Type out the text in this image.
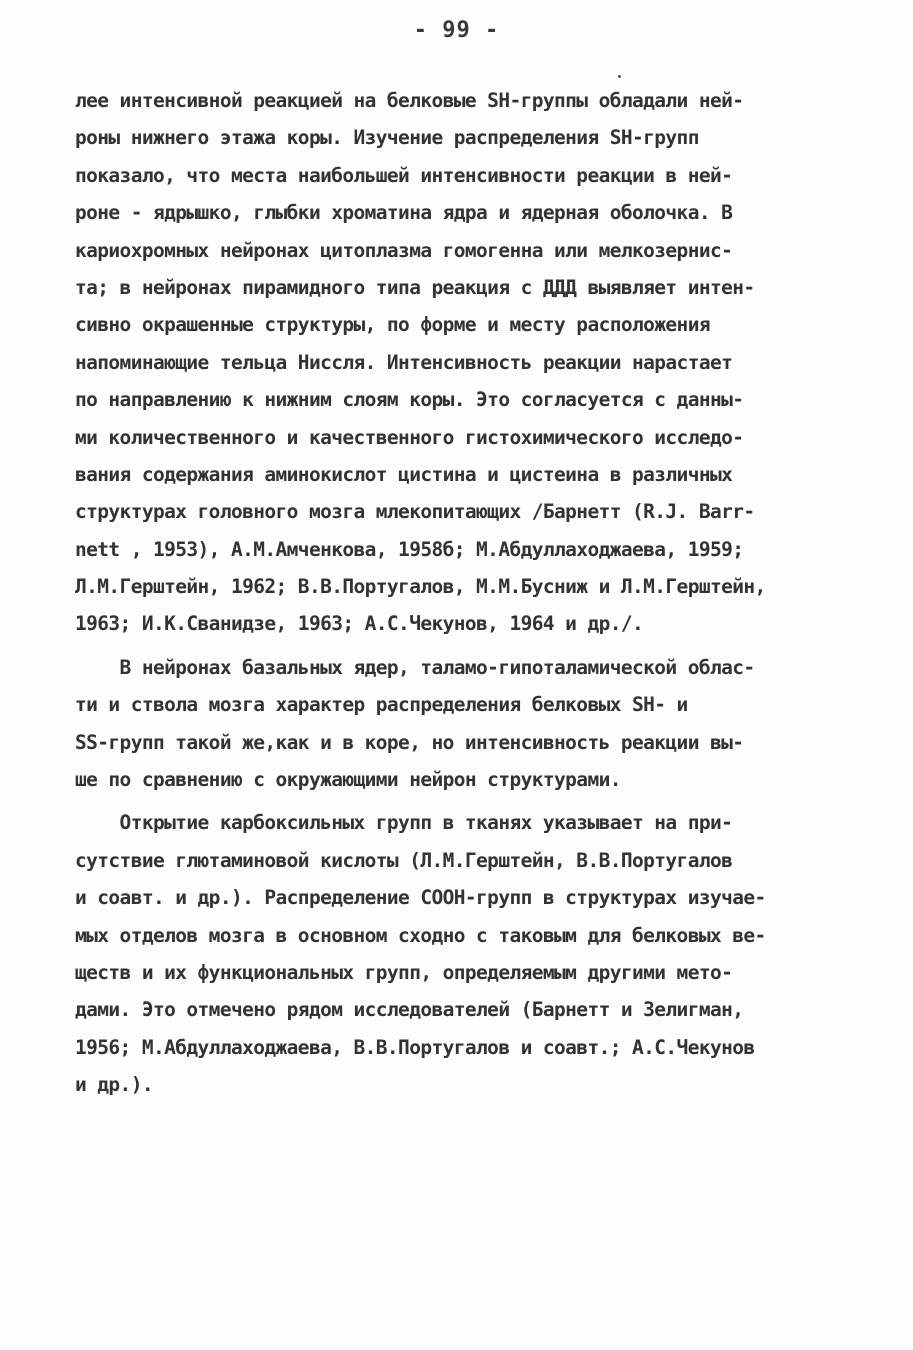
- 99 -
лее интенсивной реакцией на белковые SH-группы обладали ней-
роны нижнего этажа коры. Изучение распределения SH-групп
показало, что места наибольшей интенсивности реакции в ней-
роне - ядрышко, глыбки хроматина ядра и ядерная оболочка. В
кариохромных нейронах цитоплазма гомогенна или мелкозернис-
та; в нейронах пирамидного типа реакция с ДДД выявляет интен-
сивно окрашенные структуры, по форме и месту расположения
напоминающие тельца Ниссля. Интенсивность реакции нарастает
по направлению к нижним слоям коры. Это согласуется с данны-
ми количественного и качественного гистохимического исследо-
вания содержания аминокислот цистина и цистеина в различных
структурах головного мозга млекопитающих /Барнетт (R.J. Barr-
nett , 1953), А.М.Амченкова, 1958б; М.Абдуллаходжаева, 1959;
Л.М.Герштейн, 1962; В.В.Португалов, М.М.Бусниж и Л.М.Герштейн,
1963; И.К.Сванидзе, 1963; А.С.Чекунов, 1964 и др./.
В нейронах базальных ядер, таламо-гипоталамической облас-
ти и ствола мозга характер распределения белковых SH- и
SS-групп такой же,как и в коре, но интенсивность реакции вы-
ше по сравнению с окружающими нейрон структурами.
Открытие карбоксильных групп в тканях указывает на при-
сутствие глютаминовой кислоты (Л.М.Герштейн, В.В.Португалов
и соавт. и др.). Распределение СООН-групп в структурах изучае-
мых отделов мозга в основном сходно с таковым для белковых ве-
ществ и их функциональных групп, определяемым другими мето-
дами. Это отмечено рядом исследователей (Барнетт и Зелигман,
1956; М.Абдуллаходжаева, В.В.Португалов и соавт.; А.С.Чекунов
и др.).
